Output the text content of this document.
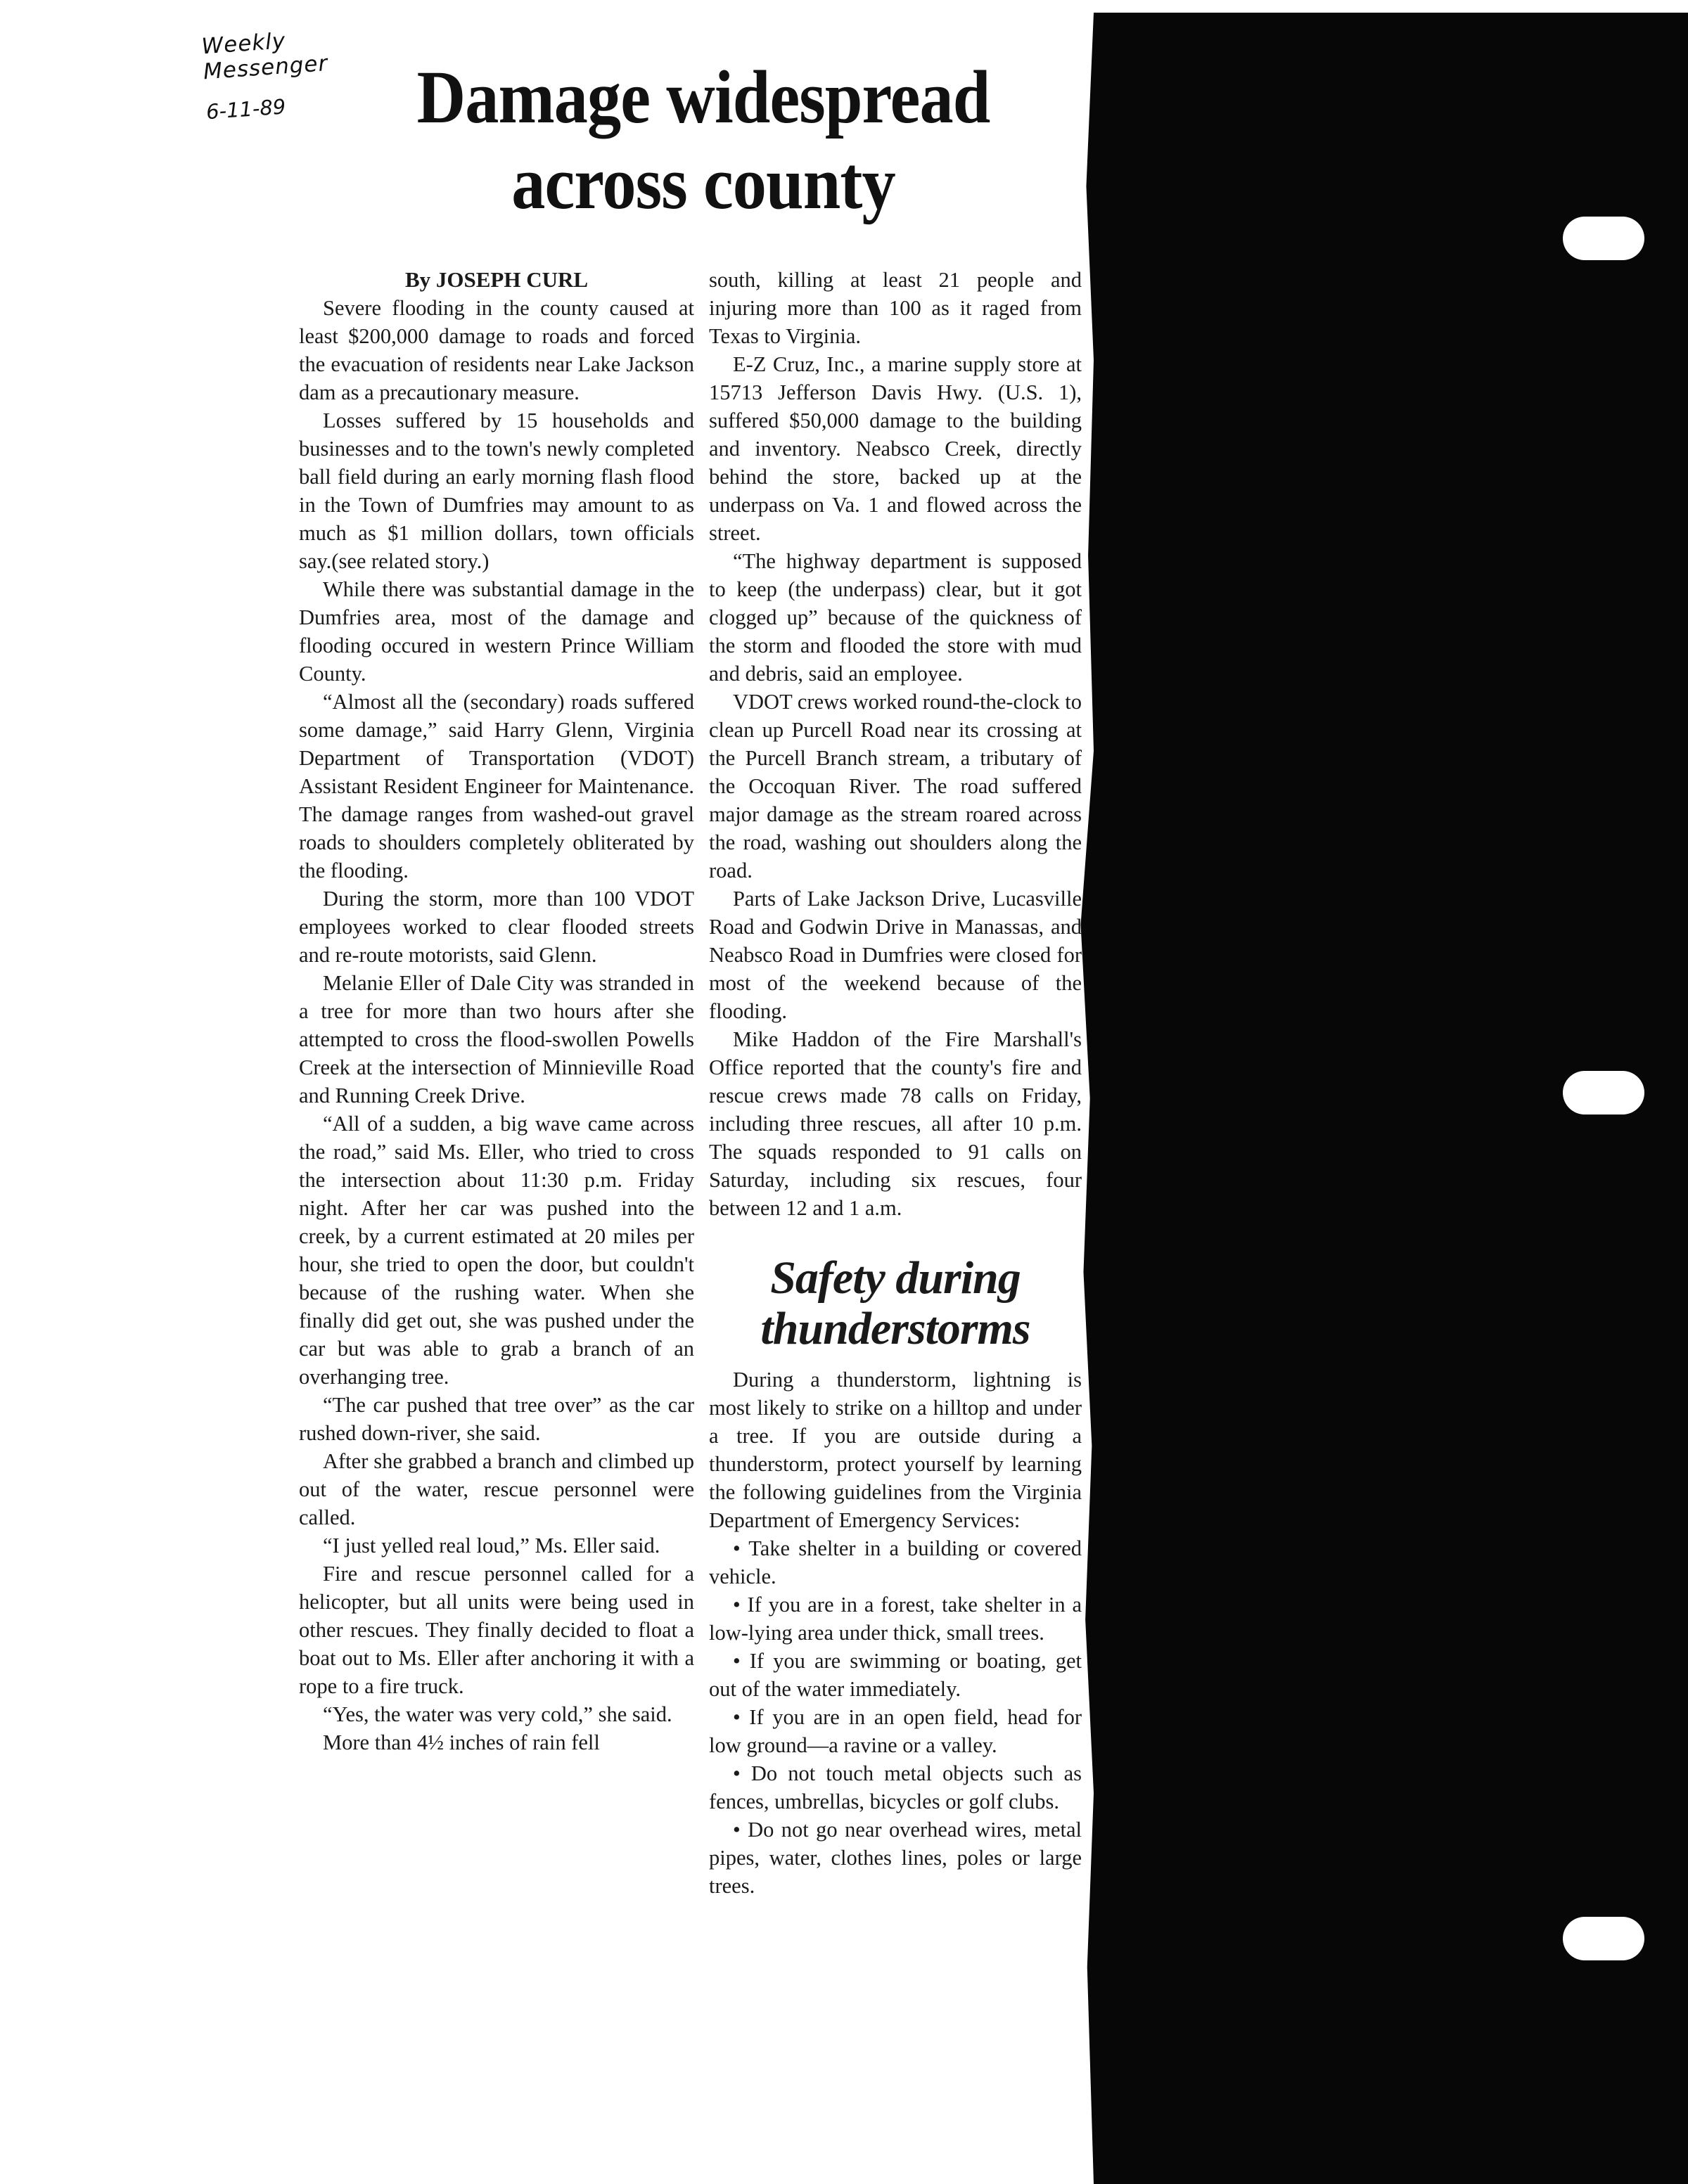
Weekly Messenger
6-11-89	Damage widespread
across county

By JOSEPH CURL

Severe flooding in the county caused at least $200,000 damage to roads and forced the evacuation of residents near Lake Jackson dam as a precautionary measure.

Losses suffered by 15 households and businesses and to the town's newly completed ball field during an early morning flash flood in the Town of Dumfries may amount to as much as $1 million dollars, town officials say.(see related story.)

While there was substantial damage in the Dumfries area, most of the damage and flooding occured in western Prince William County.

“Almost all the (secondary) roads suffered some damage,” said Harry Glenn, Virginia Department of Transportation (VDOT) Assistant Resident Engineer for Maintenance. The damage ranges from washed-out gravel roads to shoulders completely obliterated by the flooding.

During the storm, more than 100 VDOT employees worked to clear flooded streets and re-route motorists, said Glenn.

Melanie Eller of Dale City was stranded in a tree for more than two hours after she attempted to cross the flood-swollen Powells Creek at the intersection of Minnieville Road and Running Creek Drive.

“All of a sudden, a big wave came across the road,” said Ms. Eller, who tried to cross the intersection about 11:30 p.m. Friday night. After her car was pushed into the creek, by a current estimated at 20 miles per hour, she tried to open the door, but couldn't because of the rushing water. When she finally did get out, she was pushed under the car but was able to grab a branch of an overhanging tree.

“The car pushed that tree over” as the car rushed down-river, she said.

After she grabbed a branch and climbed up out of the water, rescue personnel were called.

“I just yelled real loud,” Ms. Eller said.

Fire and rescue personnel called for a helicopter, but all units were being used in other rescues. They finally decided to float a boat out to Ms. Eller after anchoring it with a rope to a fire truck.

“Yes, the water was very cold,” she said.

More than 4½ inches of rain fell

south, killing at least 21 people and injuring more than 100 as it raged from Texas to Virginia.

E-Z Cruz, Inc., a marine supply store at 15713 Jefferson Davis Hwy. (U.S. 1), suffered $50,000 damage to the building and inventory. Neabsco Creek, directly behind the store, backed up at the underpass on Va. 1 and flowed across the street.

“The highway department is supposed to keep (the underpass) clear, but it got clogged up” because of the quickness of the storm and flooded the store with mud and debris, said an employee.

VDOT crews worked round-the-clock to clean up Purcell Road near its crossing at the Purcell Branch stream, a tributary of the Occoquan River. The road suffered major damage as the stream roared across the road, washing out shoulders along the road.

Parts of Lake Jackson Drive, Lucasville Road and Godwin Drive in Manassas, and Neabsco Road in Dumfries were closed for most of the weekend because of the flooding.

Mike Haddon of the Fire Marshall's Office reported that the county's fire and rescue crews made 78 calls on Friday, including three rescues, all after 10 p.m. The squads responded to 91 calls on Saturday, including six rescues, four between 12 and 1 a.m.

Safety during
thunderstorms

During a thunderstorm, lightning is most likely to strike on a hilltop and under a tree. If you are outside during a thunderstorm, protect yourself by learning the following guidelines from the Virginia Department of Emergency Services:

• Take shelter in a building or covered vehicle.

• If you are in a forest, take shelter in a low-lying area under thick, small trees.

• If you are swimming or boating, get out of the water immediately.

• If you are in an open field, head for low ground—a ravine or a valley.

• Do not touch metal objects such as fences, umbrellas, bicycles or golf clubs.

• Do not go near overhead wires, metal pipes, water, clothes lines, poles or large trees.
